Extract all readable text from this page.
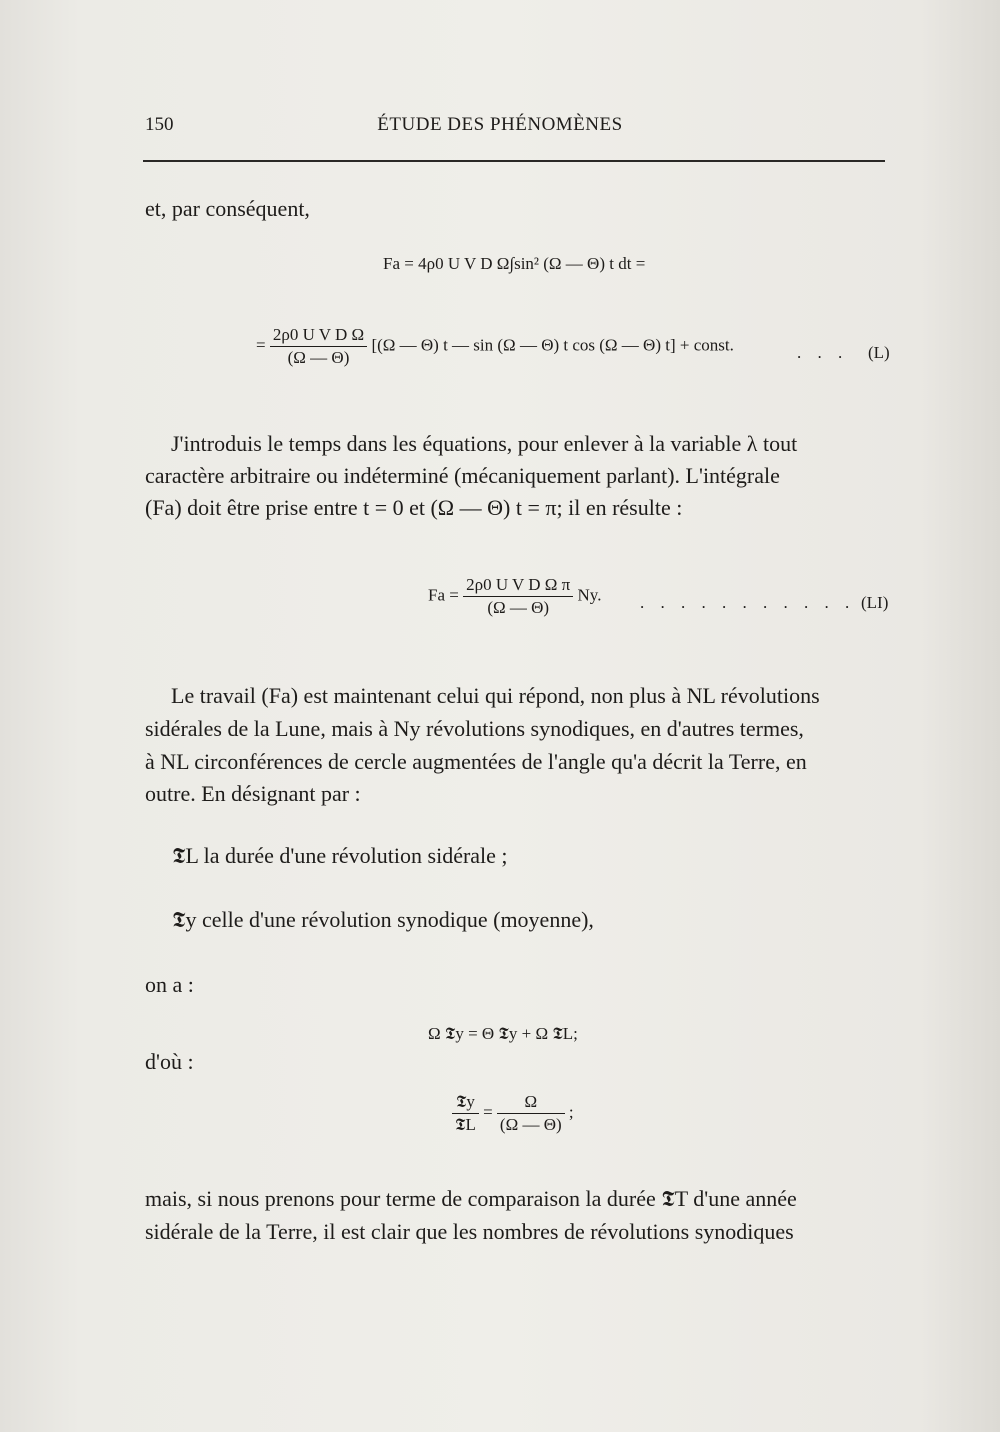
150	ÉTUDE DES PHÉNOMÈNES
et, par conséquent,
Fa = 4ρ0 U V D Ω∫sin² (Ω — Θ) t dt =
= $\frac{\text{2ρ0 U V D Ω}}{(\Omega — \Theta)} [(\Omega$ — Θ) t — sin (Ω — Θ) t cos (Ω — Θ) t] + const.	. . . (L)
J'introduis le temps dans les équations, pour enlever à la variable λ tout
caractère arbitraire ou indéterminé (mécaniquement parlant). L'intégrale
(Fa) doit être prise entre t = 0 et (Ω — Θ) t = π; il en résulte :
$Fa = \frac{\text{2ρ0 U V D Ω π}}{(\Omega — \Theta)} Ny$. . . . . . . . . . . . (LI)
Le travail (Fa) est maintenant celui qui répond, non plus à NL révolutions
sidérales de la Lune, mais à Ny révolutions synodiques, en d'autres termes,
à NL circonférences de cercle augmentées de l'angle qu'a décrit la Terre, en
outre. En désignant par :
𝕿L la durée d'une révolution sidérale ;
𝕿y celle d'une révolution synodique (moyenne),
on a :
Ω 𝕿y = Θ 𝕿y + Ω 𝕿L;
d'où :
$\frac{\text{𝕿y}}{\text{𝕿L}} = \frac{\Omega}{(\Omega — \Theta)}$ ;
mais, si nous prenons pour terme de comparaison la durée 𝕿T d'une année
sidérale de la Terre, il est clair que les nombres de révolutions synodiques
